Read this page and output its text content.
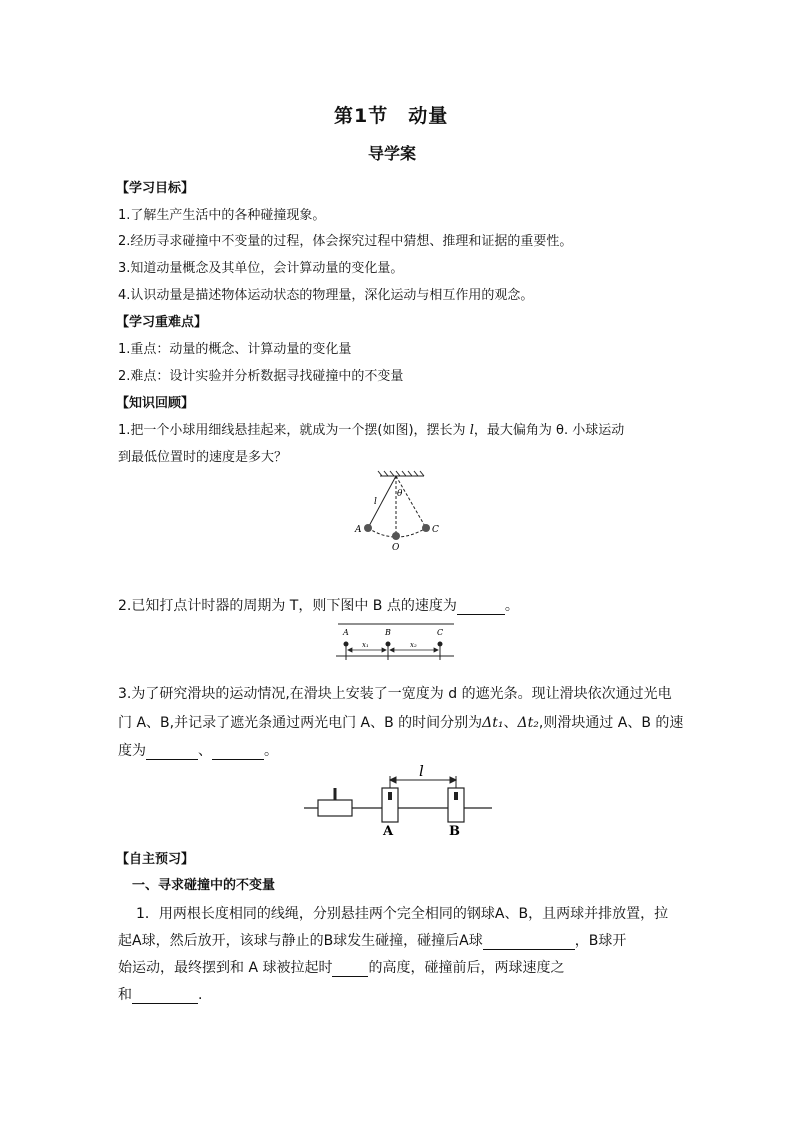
第1节　动量
导学案
【学习目标】
1.了解生产生活中的各种碰撞现象。
2.经历寻求碰撞中不变量的过程，体会探究过程中猜想、推理和证据的重要性。
3.知道动量概念及其单位，会计算动量的变化量。
4.认识动量是描述物体运动状态的物理量，深化运动与相互作用的观念。
【学习重难点】
1.重点：动量的概念、计算动量的变化量
2.难点：设计实验并分析数据寻找碰撞中的不变量
【知识回顾】
1.把一个小球用细线悬挂起来，就成为一个摆(如图)，摆长为 l，最大偏角为 θ. 小球运动
到最低位置时的速度是多大？
θ
l
A
O
C
2.已知打点计时器的周期为 T，则下图中 B 点的速度为	。
A	B	C
x₁	x₂
3.为了研究滑块的运动情况,在滑块上安装了一宽度为 d 的遮光条。现让滑块依次通过光电
门 A、B,并记录了遮光条通过两光电门 A、B 的时间分别为Δt₁、Δt₂,则滑块通过 A、B 的速
度为	、	。
l
A	B
【自主预习】
一、寻求碰撞中的不变量
1．用两根长度相同的线绳，分别悬挂两个完全相同的钢球A、B，且两球并排放置，拉
起A球，然后放开，该球与静止的B球发生碰撞，碰撞后A球	，B球开
始运动，最终摆到和 A 球被拉起时	的高度，碰撞前后，两球速度之
和	.
